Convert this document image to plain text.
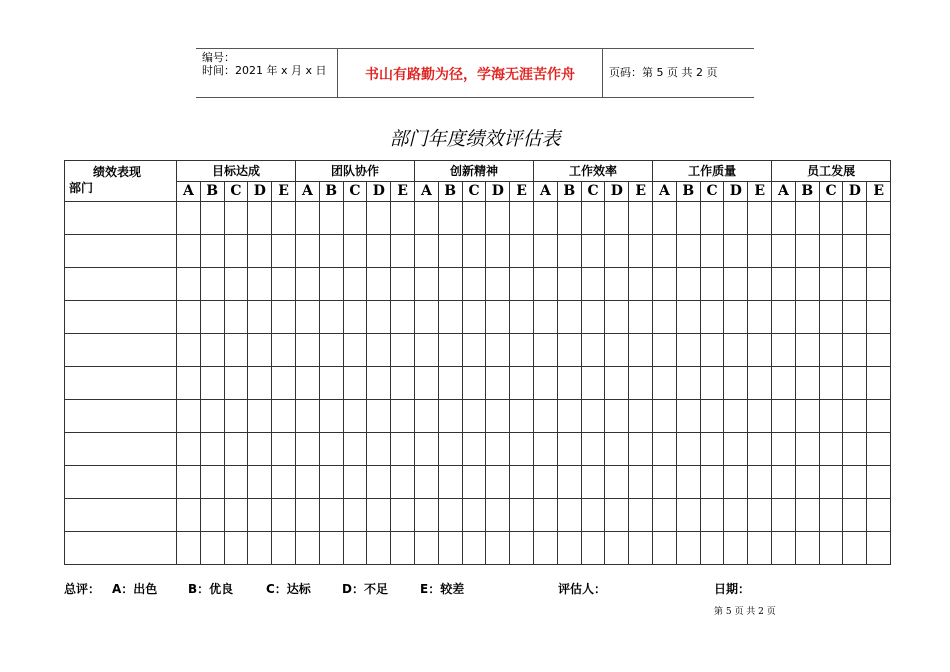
编号：
时间：2021 年 x 月 x 日	书山有路勤为径，学海无涯苦作舟	页码：第 5 页 共 2 页
部门年度绩效评估表
绩效表现
部门	目标达成					团队协作					创新精神					工作效率					工作质量					员工发展				
	A	B	C	D	E	A	B	C	D	E	A	B	C	D	E	A	B	C	D	E	A	B	C	D	E	A	B	C	D	E

总评： A：出色	B：优良	C：达标	D：不足	E：较差	评估人：	日期：
第 5 页 共 2 页
